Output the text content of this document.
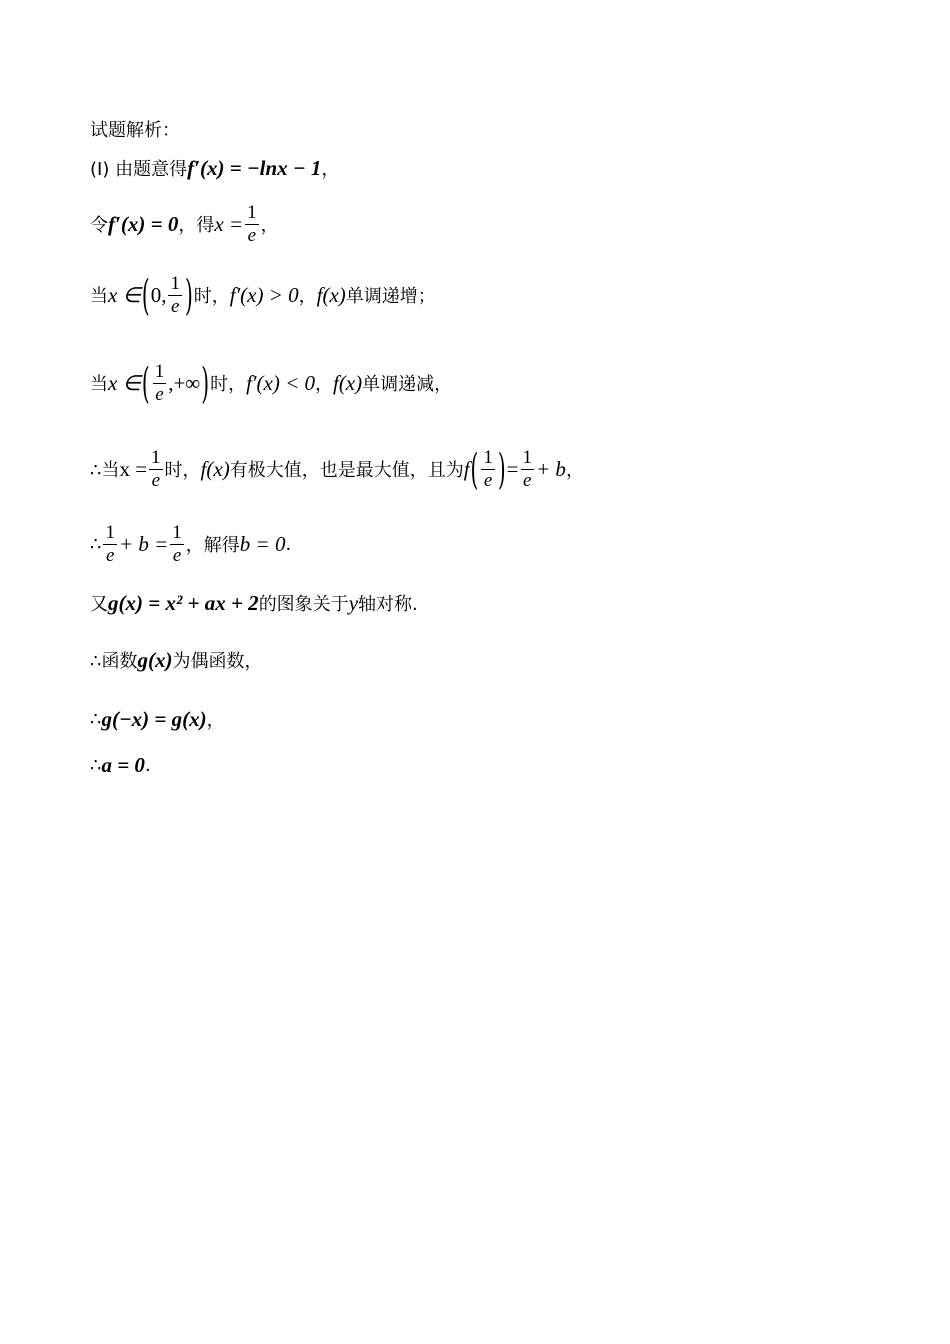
试题解析：
(Ⅰ) 由题意得 f′(x) = −lnx − 1 ，
令 f′(x) = 0 ，得 $x = \frac{1}{e}$ ，
当 x ∈ ( 0, $\frac{1}{e}$ ) 时， f′(x) > 0 ， f(x) 单调递增；
当 x ∈ ( $\frac{1}{e}$ ,+∞ ) 时， f′(x) < 0 ， f(x) 单调递减，
∴当 $x = \frac{1}{e}$ 时， f(x) 有极大值，也是最大值，且为 f ( $\frac{1}{e}$ ) = $\frac{1}{e} + b$ ，
∴ $\frac{1}{e} + b = \frac{1}{e}$ ，解得 b = 0 .
又 g(x) = x² + ax + 2 的图象关于 y 轴对称.
∴函数 g(x) 为偶函数，
∴ g(−x) = g(x) ，
∴ a = 0 .
